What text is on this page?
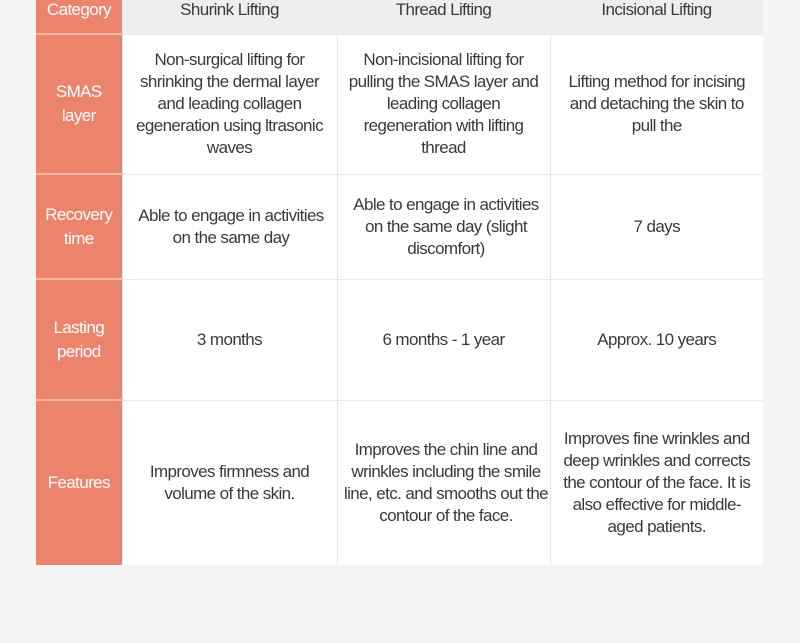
Category	Shurink Lifting	Thread Lifting	Incisional Lifting
SMAS layer	Non-surgical lifting for shrinking the dermal layer and leading collagen egeneration using ltrasonic waves	Non-incisional lifting for pulling the SMAS layer and leading collagen regeneration with lifting thread	Lifting method for incising and detaching the skin to pull the
Recovery time	Able to engage in activities on the same day	Able to engage in activities on the same day (slight discomfort)	7 days
Lasting period	3 months	6 months - 1 year	Approx. 10 years
Features	Improves firmness and volume of the skin.	Improves the chin line and wrinkles including the smile line, etc. and smooths out the contour of the face.	Improves fine wrinkles and deep wrinkles and corrects the contour of the face. It is also effective for middle-aged patients.
